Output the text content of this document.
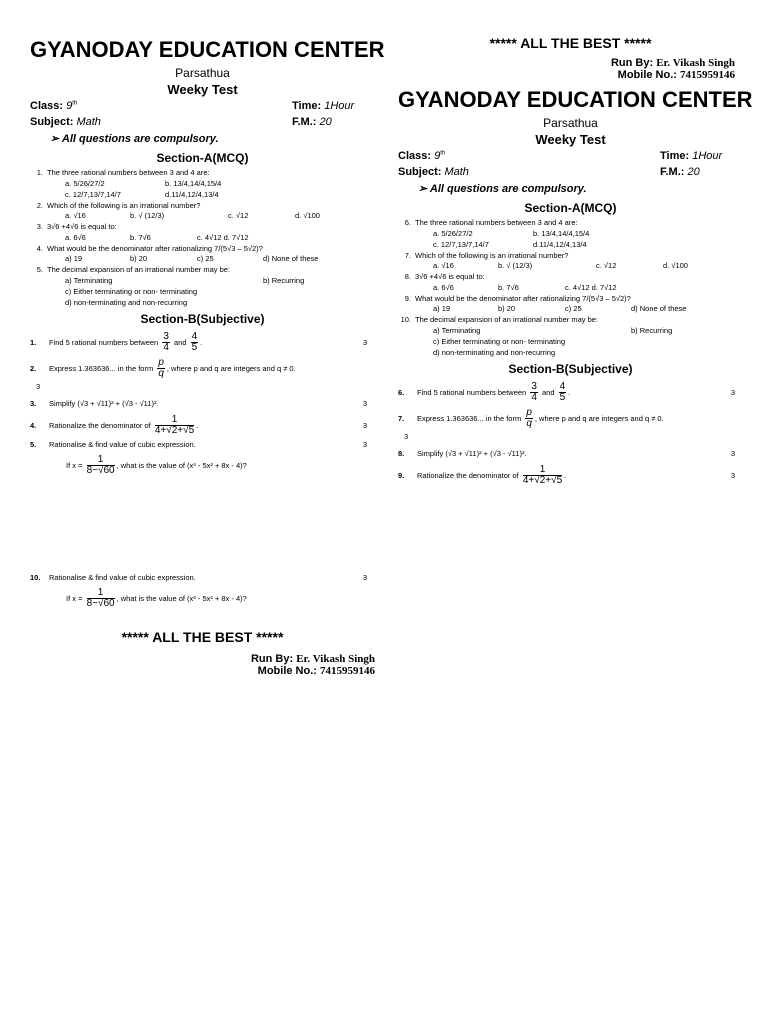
GYANODAY EDUCATION CENTER
Parsathua
Weeky Test
Class: 9th	Time: 1Hour
Subject: Math	F.M.: 20
➢ All questions are compulsory.
Section-A(MCQ)
1. The three rational numbers between 3 and 4 are:
a. 5/26/27/2	b. 13/4,14/4,15/4
c. 12/7,13/7,14/7	d.11/4,12/4,13/4
2. Which of the following is an irrational number?
a. √16	b. √ (12/3)	c. √12	d. √100
3. 3√6 +4√6 is equal to:
a. 6√6	b. 7√6	c. 4√12 d. 7√12
4. What would be the denominator after rationalizing 7/(5√3 – 5√2)?
a) 19	b) 20	c) 25	d) None of these
5. The decimal expansion of an irrational number may be:
a) Terminating	b) Recurring
c) Either terminating or non- terminating
d) non-terminating and non-recurring
Section-B(Subjective)
1. Find 5 rational numbers between $\frac{3}{4}$ and $\frac{4}{5}$ .	3
2. Express 1.363636... in the form $\frac{p}{q}$ , where p and q are integers and q ≠ 0.
3
3. Simplify (√3 + √11)² + (√3 - √11)².	3
4. Rationalize the denominator of $\frac{1}{4+√2+√5}$ .	3
5. Rationalise & find value of cubic expression.	3
If $x = \frac{1}{8-√60}$ , what is the value of (x³ - 5x² + 8x - 4)?
10. Rationalise & find value of cubic expression.	3
If $x = \frac{1}{8-√60}$ , what is the value of (x³ - 5x² + 8x - 4)?
***** ALL THE BEST *****
Run By: Er. Vikash Singh
Mobile No.: 7415959146
***** ALL THE BEST *****
Run By: Er. Vikash Singh
Mobile No.: 7415959146
GYANODAY EDUCATION CENTER
Parsathua
Weeky Test
Class: 9th	Time: 1Hour
Subject: Math	F.M.: 20
➢ All questions are compulsory.
Section-A(MCQ)
6. The three rational numbers between 3 and 4 are:
a. 5/26/27/2	b. 13/4,14/4,15/4
c. 12/7,13/7,14/7	d.11/4,12/4,13/4
7. Which of the following is an irrational number?
a. √16	b. √ (12/3)	c. √12	d. √100
8. 3√6 +4√6 is equal to:
a. 6√6	b. 7√6	c. 4√12 d. 7√12
9. What would be the denominator after rationalizing 7/(5√3 – 5√2)?
a) 19	b) 20	c) 25	d) None of these
10. The decimal expansion of an irrational number may be:
a) Terminating	b) Recurring
c) Either terminating or non- terminating
d) non-terminating and non-recurring
Section-B(Subjective)
6. Find 5 rational numbers between $\frac{3}{4}$ and $\frac{4}{5}$ .	3
7. Express 1.363636... in the form $\frac{p}{q}$ , where p and q are integers and q ≠ 0.
3
8. Simplify (√3 + √11)² + (√3 - √11)².	3
9. Rationalize the denominator of $\frac{1}{4+√2+√5}$ .	3
